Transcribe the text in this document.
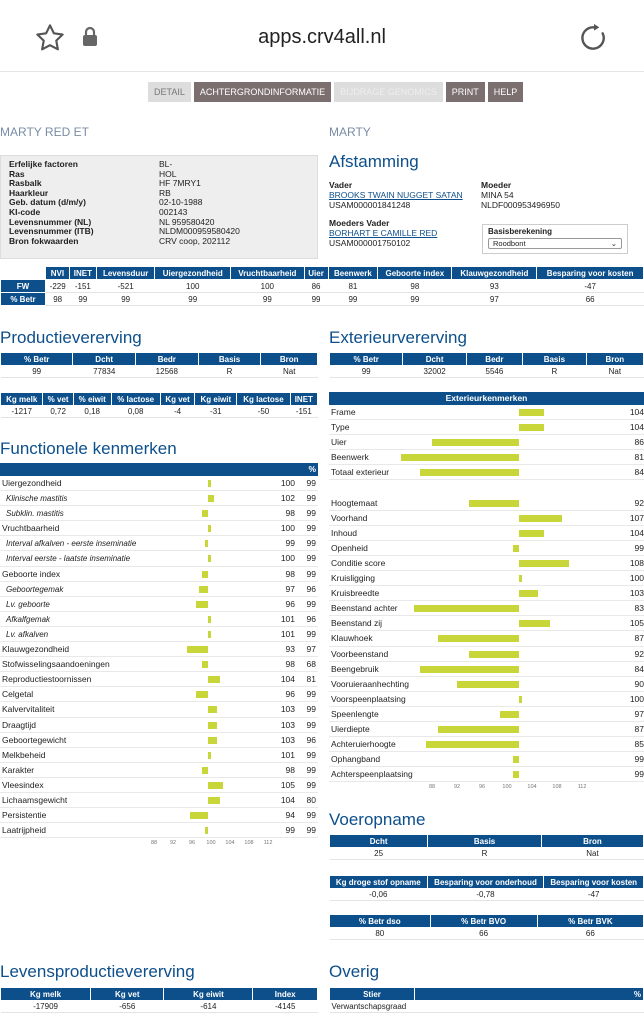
apps.crv4all.nl
DETAIL	ACHTERGRONDINFORMATIE	BIJDRAGE GENOMICS	PRINT	HELP
MARTY RED ET	MARTY
Erfelijke factoren	BL-
Ras	HOL
Rasbalk	HF 7MRY1
Haarkleur	RB
Geb. datum (d/m/y)	02-10-1988
KI-code	002143
Levensnummer (NL)	NL 959580420
Levensnummer (ITB)	NLDM000959580420
Bron fokwaarden	CRV coop, 202112
Afstamming
Vader
BROOKS TWAIN NUGGET SATAN
USAM000001841248
Moeder
MINA 54
NLDF000953496950
Moeders Vader
BORHART E CAMILLE RED
USAM000001750102
Basisberekening
Roodbont	⌄
	NVI	INET	Levensduur	Uiergezondheid	Vruchtbaarheid	Uier	Beenwerk	Geboorte index	Klauwgezondheid	Besparing voor kosten
FW	-229	-151	-521	100	100	86	81	98	93	-47
% Betr	98	99	99	99	99	99	99	99	97	66
Productievererving
% Betr	Dcht	Bedr	Basis	Bron
99	77834	12568	R	Nat
Kg melk	% vet	% eiwit	% lactose	Kg vet	Kg eiwit	Kg lactose	INET
-1217	0,72	0,18	0,08	-4	-31	-50	-151
Exterieurvererving
% Betr	Dcht	Bedr	Basis	Bron
99	32002	5546	R	Nat
Exterieurkenmerken
Frame	104
Type	104
Uier	86
Beenwerk	81
Totaal exterieur	84
Hoogtemaat	92
Voorhand	107
Inhoud	104
Openheid	99
Conditie score	108
Kruisligging	100
Kruisbreedte	103
Beenstand achter	83
Beenstand zij	105
Klauwhoek	87
Voorbeenstand	92
Beengebruik	84
Vooruieraanhechting	90
Voorspeenplaatsing	100
Speenlengte	97
Uierdiepte	87
Achteruierhoogte	85
Ophangband	99
Achterspeenplaatsing	99
88	92	96	100	104	108	112
Functionele kenmerken
%
Uiergezondheid	100	99
Klinische mastitis	102	99
Subklin. mastitis	98	99
Vruchtbaarheid	100	99
Interval afkalven - eerste inseminatie	99	99
Interval eerste - laatste inseminatie	100	99
Geboorte index	98	99
Geboortegemak	97	96
Lv. geboorte	96	99
Afkalfgemak	101	96
Lv. afkalven	101	99
Klauwgezondheid	93	97
Stofwisselingsaandoeningen	98	68
Reproductiestoornissen	104	81
Celgetal	96	99
Kalvervitaliteit	103	99
Draagtijd	103	99
Geboortegewicht	103	96
Melkbeheid	101	99
Karakter	98	99
Vleesindex	105	99
Lichaamsgewicht	104	80
Persistentie	94	99
Laatrijpheid	99	99
88 92 96 100 104 108 112
Voeropname
Dcht	Basis	Bron
25	R	Nat
Kg droge stof opname	Besparing voor onderhoud	Besparing voor kosten
-0,06	-0,78	-47
% Betr dso	% Betr BVO	% Betr BVK
80	66	66
Levensproductievererving
Kg melk	Kg vet	Kg eiwit	Index
-17909	-656	-614	-4145
Overig
Stier	%
Verwantschapsgraad	
